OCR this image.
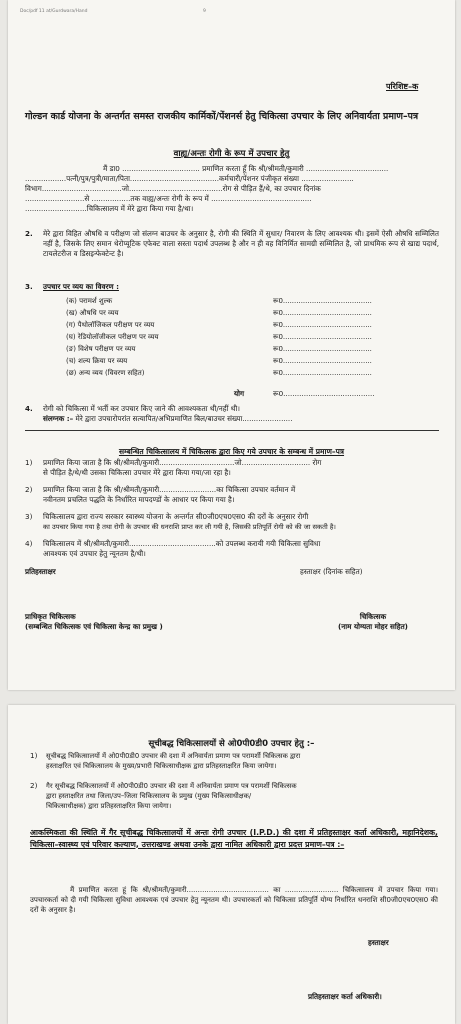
Doc/pdf 11 at/Gurdwara/Hand	9
परिशिष्ट–क
गोल्डन कार्ड योजना के अन्तर्गत समस्त राजकीय कार्मिकों/पेंशनर्स हेतु चिकित्सा उपचार के लिए अनिवार्यता प्रमाण–पत्र
वाह्य/अन्तः रोगी के रूप में उपचार हेतु
मैं डा0 .................................. प्रमाणित करता हूँ कि श्री/श्रीमती/कुमारी ....................................
..................पत्नी/पुत्र/पुत्री/माता/पिता.......................................कर्मचारी/पेंशनर पंजीकृत संख्या .......................
विभाग...................................जो.........................................रोग से पीड़ित हैं/थे, का उपचार दिनांक
..........................से .................तक वाह्य/अन्तः रोगी के रूप में ............................................
...........................चिकित्सालय में मेरे द्वारा किया गया है/था।
2. मेरे द्वारा विहित औषधि व परीक्षण जो संलग्न बाउचर के अनुसार है, रोगी की स्थिति में सुधार/ निवारण के लिए आवश्यक थी। इसमें ऐसी औषधि सम्मिलित नहीं है, जिसके लिए समान थेरोप्यूटिक एफेक्ट वाला सस्ता पदार्थ उपलब्ध है और न ही वह विनिर्मित सामग्री सम्मिलित है, जो प्राथमिक रूप से खाद्य पदार्थ, टायलेटरीज व डिसइन्फेक्टेन्ट है।
3. उपचार पर व्यय का विवरण :
(क) परामर्श शुल्क	रू0........................................
(ख) औषधि पर व्यय	रू0........................................
(ग) पैथोलॉजिकल परीक्षण पर व्यय	रू0........................................
(घ) रेडियोलॉजीकल परीक्षण पर व्यय	रू0........................................
(ङ) विशेष परीक्षण पर व्यय	रू0........................................
(च) शल्य क्रिया पर व्यय	रू0........................................
(छ) अन्य व्यय (विवरण सहित)	रू0........................................
योग	रू0........................................
4. रोगी को चिकित्सा में भर्ती कर उपचार किए जाने की आवश्यकता थी/नहीं थी।
संलग्नक :– मेरे द्वारा उपचारोपरांत सत्यापित/अभिप्रमाणित बिल/बाउचर संख्या......................
सम्बन्धित चिकित्सालय में चिकित्सक द्वारा किए गये उपचार के सम्बन्ध में प्रमाण–पत्र
1) प्रमाणित किया जाता है कि श्री/श्रीमती/कुमारी.................................जो.............................. रोग
से पीड़ित है/थे/थी उसका चिकित्सा उपचार मेरे द्वारा किया गया/जा रहा है।
2) प्रमाणित किया जाता है कि श्री/श्रीमती/कुमारी.........................का चिकित्सा उपचार वर्तमान में
नवीनतम प्रचलित पद्धति के निर्धारित मापदण्डों के आधार पर किया गया है।
3) चिकित्सालय द्वारा राज्य सरकार स्वास्थ्य योजना के अन्तर्गत सी0जी0एच0एस0 की दरों के अनुसार रोगी
का उपचार किया गया है तथा रोगी के उपचार की धनराशि प्राप्त कर ली गयी है, जिसकी प्रतिपूर्ति रोगी को की जा सकती है।
4) चिकित्सालय में श्री/श्रीमती/कुमारी......................................को उपलब्ध करायी गयी चिकित्सा सुविधा
आवश्यक एवं उपचार हेतु न्यूनतम है/थी।
प्रतिहस्ताक्षर	हस्ताक्षर (दिनांक सहित)
प्राधिकृत चिकित्सक
(सम्बन्धित चिकित्सक एवं चिकित्सा केन्द्र का प्रमुख )
चिकित्सक
(नाम योग्यता मोहर सहित)
सूचीबद्ध चिकित्सालयों से ओ0पी0डी0 उपचार हेतु :–
1) सूचीबद्ध चिकित्सालयों में ओ0पी0डी0 उपचार की दशा में अनिवार्यता प्रमाण पत्र परामर्शी चिकित्सक द्वारा
हस्ताक्षरित एवं चिकित्सालय के मुख्य/प्रभारी चिकित्साधीक्षक द्वारा प्रतिहस्ताक्षरित किया जायेगा।
2) गैर सूचीबद्ध चिकित्सालयों में ओ0पी0डी0 उपचार की दशा में अनिवार्यता प्रमाण पत्र परामर्शी चिकित्सक
द्वारा हस्ताक्षरित तथा जिला/उप–जिला चिकित्सालय के प्रमुख (मुख्य चिकित्साधीक्षक/
चिकित्साधीक्षक) द्वारा प्रतिहस्ताक्षरित किया जायेगा।
आकस्मिकता की स्थिति में गैर सूचीबद्ध चिकित्सालयों में अन्तः रोगी उपचार (I.P.D.) की दशा में प्रतिहस्ताक्षर कर्ता अधिकारी, महानिदेशक, चिकित्सा–स्वास्थ्य एवं परिवार कल्याण, उत्तराखण्ड अथवा उनके द्वारा नामित अधिकारी द्वारा प्रदत्त प्रमाण–पत्र :–
मैं प्रमाणित करता हूं कि श्री/श्रीमती/कुमारी..................................... का ........................ चिकित्सालय में उपचार किया गया। उपचारकर्ता को दी गयी चिकित्सा सुविधा आवश्यक एवं उपचार हेतु न्यूनतम थी। उपचारकर्ता को चिकित्सा प्रतिपूर्ति योग्य निर्धारित धनराशि सी0जी0एच0एस0 की दरों के अनुसार है।
हस्ताक्षर
प्रतिहस्ताक्षर कर्ता अधिकारी।
